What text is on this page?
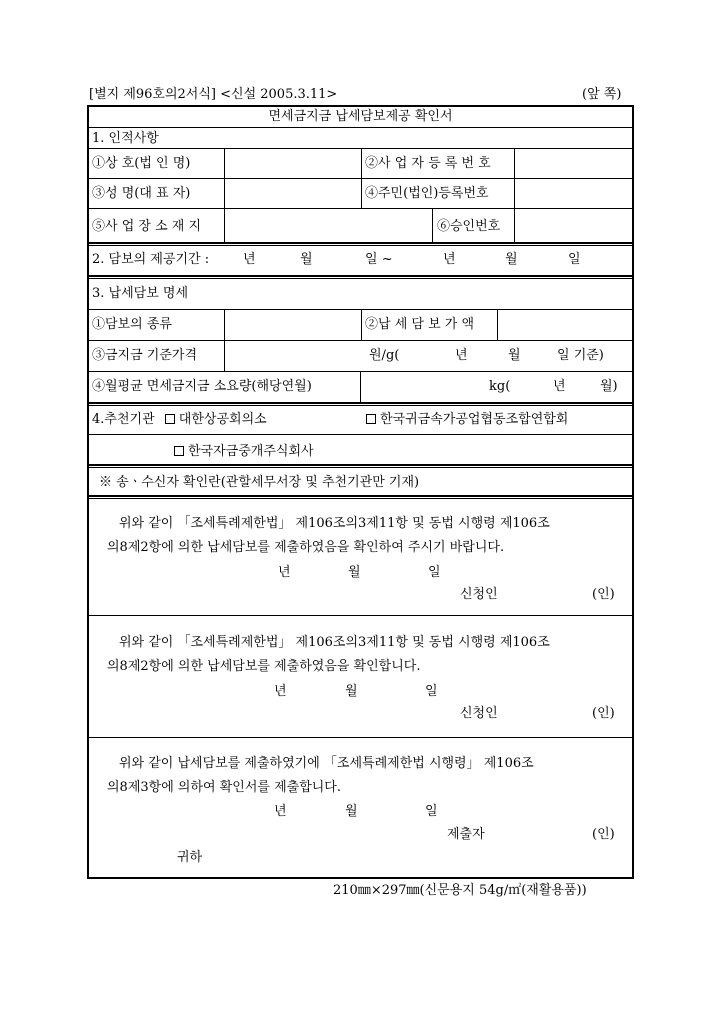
[별지 제96호의2서식] <신설 2005.3.11>	(앞 쪽)
면세금지금 납세담보제공 확인서
1. 인적사항
①상 호(법 인 명)	②사 업 자 등 록 번 호
③성 명(대 표 자)	④주민(법인)등록번호
⑤사 업 장 소 재 지	⑥승인번호
2. 담보의 제공기간 :	년	월	일 ~	년	월	일
3. 납세담보 명세
①담보의 종류	②납 세 담 보 가 액
③금지금 기준가격	원/g(	년	월	일 기준)
④월평균 면세금지금 소요량(해당연월)	kg(	년	월)
4.추천기관 대한상공회의소	한국귀금속가공업협동조합연합회
한국자금중개주식회사
※ 송ㆍ수신자 확인란(관할세무서장 및 추천기관만 기재)
위와 같이 「조세특례제한법」 제106조의3제11항 및 동법 시행령 제106조
의8제2항에 의한 납세담보를 제출하였음을 확인하여 주시기 바랍니다.
년	월	일
신청인	(인)
위와 같이 「조세특례제한법」 제106조의3제11항 및 동법 시행령 제106조
의8제2항에 의한 납세담보를 제출하였음을 확인합니다.
년	월	일
신청인	(인)
위와 같이 납세담보를 제출하였기에 「조세특례제한법 시행령」 제106조
의8제3항에 의하여 확인서를 제출합니다.
년	월	일
제출자	(인)
귀하
210㎜×297㎜(신문용지 54g/㎡(재활용품))
